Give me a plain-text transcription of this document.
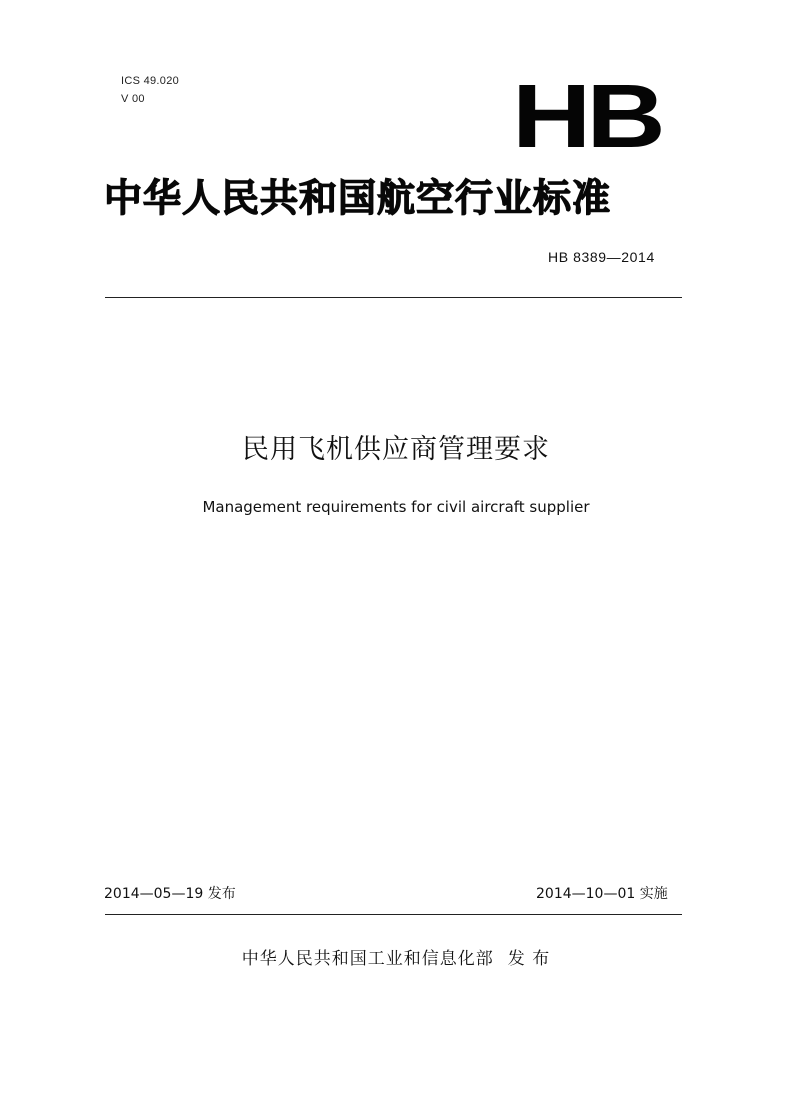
ICS 49.020
V 00	HB
中华人民共和国航空行业标准
HB 8389—2014
民用飞机供应商管理要求
Management requirements for civil aircraft supplier
2014—05—19 发布	2014—10—01 实施
中华人民共和国工业和信息化部 发 布
